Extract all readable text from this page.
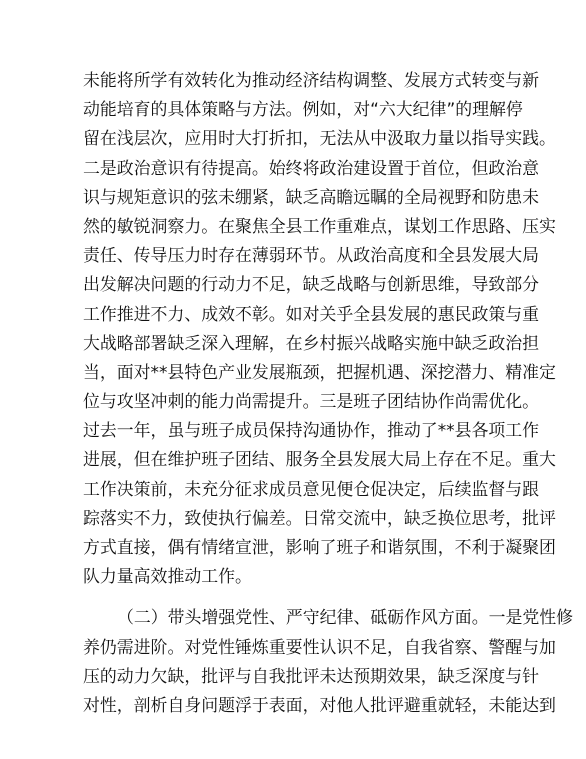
未能将所学有效转化为推动经济结构调整、发展方式转变与新
动能培育的具体策略与方法。例如，对“六大纪律”的理解停
留在浅层次，应用时大打折扣，无法从中汲取力量以指导实践。
二是政治意识有待提高。始终将政治建设置于首位，但政治意
识与规矩意识的弦未绷紧，缺乏高瞻远瞩的全局视野和防患未
然的敏锐洞察力。在聚焦全县工作重难点，谋划工作思路、压实
责任、传导压力时存在薄弱环节。从政治高度和全县发展大局
出发解决问题的行动力不足，缺乏战略与创新思维，导致部分
工作推进不力、成效不彰。如对关乎全县发展的惠民政策与重
大战略部署缺乏深入理解，在乡村振兴战略实施中缺乏政治担
当，面对**县特色产业发展瓶颈，把握机遇、深挖潜力、精准定
位与攻坚冲刺的能力尚需提升。三是班子团结协作尚需优化。
过去一年，虽与班子成员保持沟通协作，推动了**县各项工作
进展，但在维护班子团结、服务全县发展大局上存在不足。重大
工作决策前，未充分征求成员意见便仓促决定，后续监督与跟
踪落实不力，致使执行偏差。日常交流中，缺乏换位思考，批评
方式直接，偶有情绪宣泄，影响了班子和谐氛围，不利于凝聚团
队力量高效推动工作。
（二）带头增强党性、严守纪律、砥砺作风方面。一是党性修
养仍需进阶。对党性锤炼重要性认识不足，自我省察、警醒与加
压的动力欠缺，批评与自我批评未达预期效果，缺乏深度与针
对性，剖析自身问题浮于表面，对他人批评避重就轻，未能达到
